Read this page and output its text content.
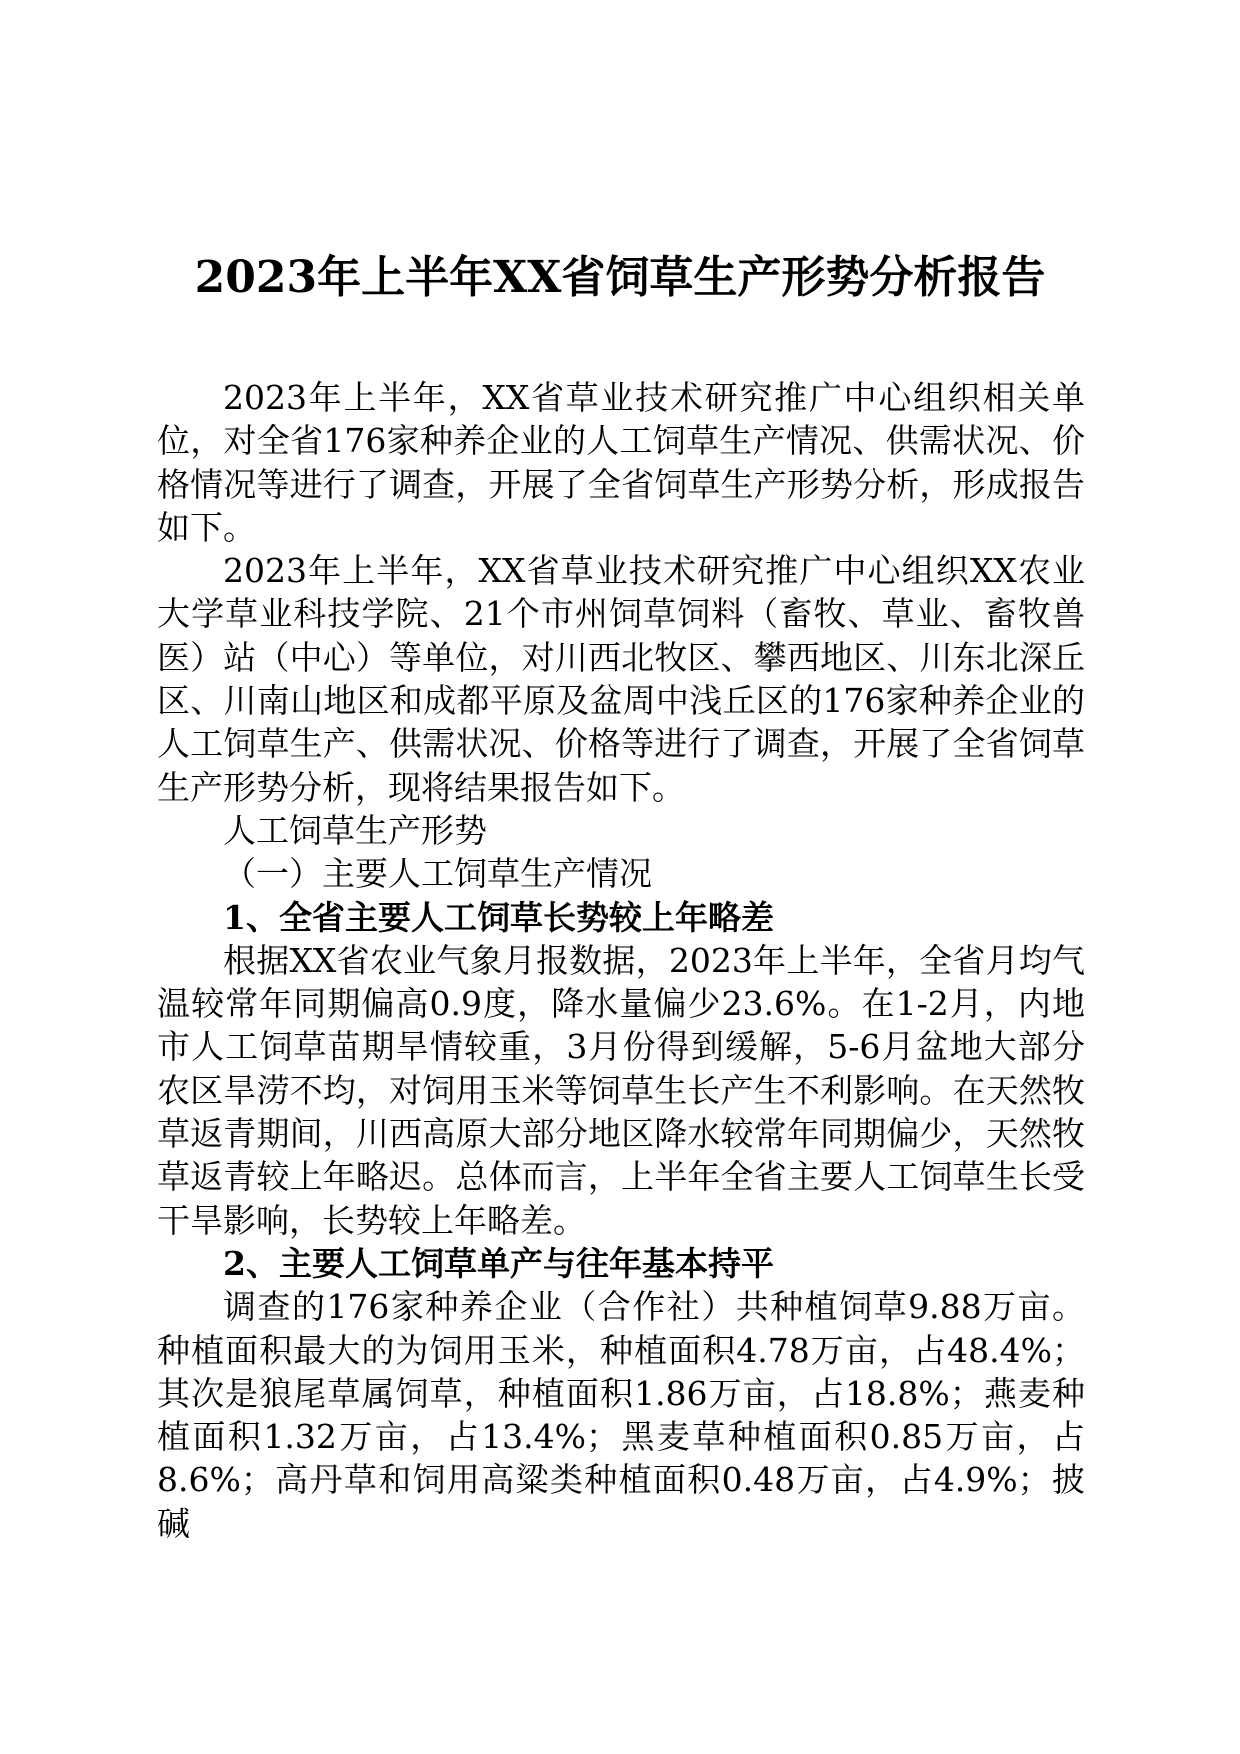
2023年上半年XX省饲草生产形势分析报告

2023年上半年，XX省草业技术研究推广中心组织相关单位，对全省176家种养企业的人工饲草生产情况、供需状况、价格情况等进行了调查，开展了全省饲草生产形势分析，形成报告如下。

2023年上半年，XX省草业技术研究推广中心组织XX农业大学草业科技学院、21个市州饲草饲料（畜牧、草业、畜牧兽医）站（中心）等单位，对川西北牧区、攀西地区、川东北深丘区、川南山地区和成都平原及盆周中浅丘区的176家种养企业的人工饲草生产、供需状况、价格等进行了调查，开展了全省饲草生产形势分析，现将结果报告如下。

人工饲草生产形势

（一）主要人工饲草生产情况

1、全省主要人工饲草长势较上年略差

根据XX省农业气象月报数据，2023年上半年，全省月均气温较常年同期偏高0.9度，降水量偏少23.6%。在1-2月，内地市人工饲草苗期旱情较重，3月份得到缓解，5-6月盆地大部分农区旱涝不均，对饲用玉米等饲草生长产生不利影响。在天然牧草返青期间，川西高原大部分地区降水较常年同期偏少，天然牧草返青较上年略迟。总体而言，上半年全省主要人工饲草生长受干旱影响，长势较上年略差。

2、主要人工饲草单产与往年基本持平

调查的176家种养企业（合作社）共种植饲草9.88万亩。种植面积最大的为饲用玉米，种植面积4.78万亩，占48.4%；其次是狼尾草属饲草，种植面积1.86万亩，占18.8%；燕麦种植面积1.32万亩，占13.4%；黑麦草种植面积0.85万亩，占8.6%；高丹草和饲用高粱类种植面积0.48万亩，占4.9%；披碱
